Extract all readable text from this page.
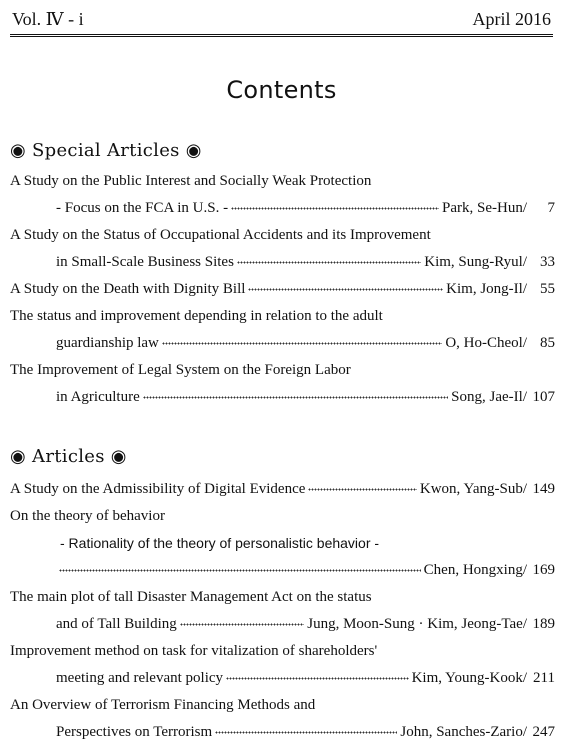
Vol. Ⅳ - i	April 2016
Contents
◉ Special Articles ◉
A Study on the Public Interest and Socially Weak Protection
- Focus on the FCA in U.S. -	Park, Se-Hun/	7
A Study on the Status of Occupational Accidents and its Improvement
in Small-Scale Business Sites	Kim, Sung-Ryul/ 33
A Study on the Death with Dignity Bill	Kim, Jong-Il/ 55
The status and improvement depending in relation to the adult
guardianship law	O, Ho-Cheol/ 85
The Improvement of Legal System on the Foreign Labor
in Agriculture	Song, Jae-Il/ 107
◉ Articles ◉
A Study on the Admissibility of Digital Evidence	Kwon, Yang-Sub/ 149
On the theory of behavior
- Rationality of the theory of personalistic behavior -
Chen, Hongxing/ 169
The main plot of tall Disaster Management Act on the status
and of Tall Building	Jung, Moon-Sung · Kim, Jeong-Tae/ 189
Improvement method on task for vitalization of shareholders'
meeting and relevant policy	Kim, Young-Kook/ 211
An Overview of Terrorism Financing Methods and
Perspectives on Terrorism	John, Sanches-Zario/ 247
